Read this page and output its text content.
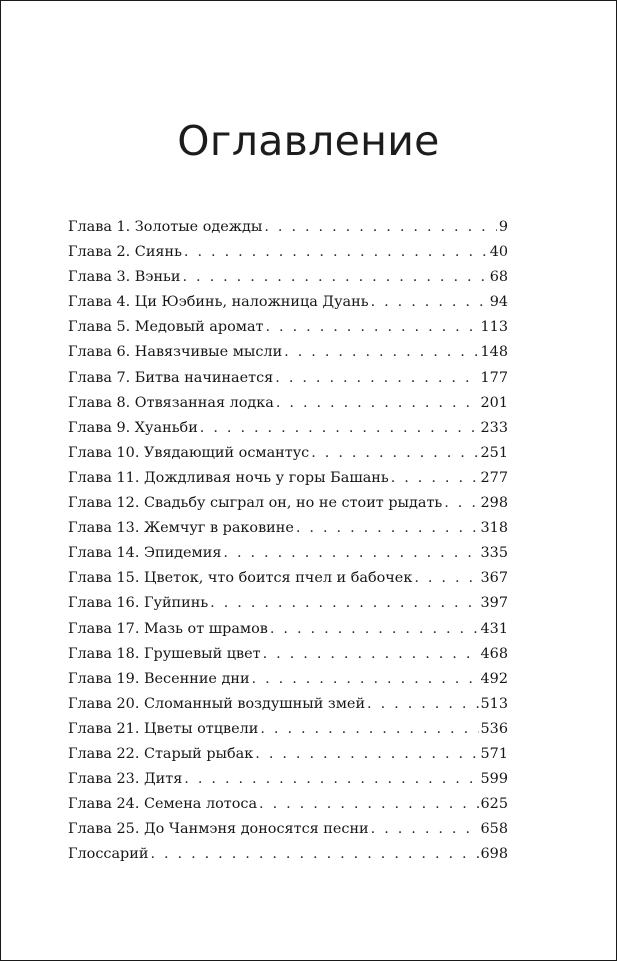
Оглавление
Глава 1. Золотые одежды . . .	9
Глава 2. Сиянь . . .	40
Глава 3. Вэньи . . .	68
Глава 4. Ци Юэбинь, наложница Дуань . . .	94
Глава 5. Медовый аромат . . .	113
Глава 6. Навязчивые мысли . . .	148
Глава 7. Битва начинается . . .	177
Глава 8. Отвязанная лодка . . .	201
Глава 9. Хуаньби . . .	233
Глава 10. Увядающий османтус . . .	251
Глава 11. Дождливая ночь у горы Башань . . .	277
Глава 12. Свадьбу сыграл он, но не стоит рыдать . . .	298
Глава 13. Жемчуг в раковине . . .	318
Глава 14. Эпидемия . . .	335
Глава 15. Цветок, что боится пчел и бабочек . . .	367
Глава 16. Гуйпинь . . .	397
Глава 17. Мазь от шрамов . . .	431
Глава 18. Грушевый цвет . . .	468
Глава 19. Весенние дни . . .	492
Глава 20. Сломанный воздушный змей . . .	513
Глава 21. Цветы отцвели . . .	536
Глава 22. Старый рыбак . . .	571
Глава 23. Дитя . . .	599
Глава 24. Семена лотоса . . .	625
Глава 25. До Чанмэня доносятся песни . . .	658
Глоссарий . . .	698
